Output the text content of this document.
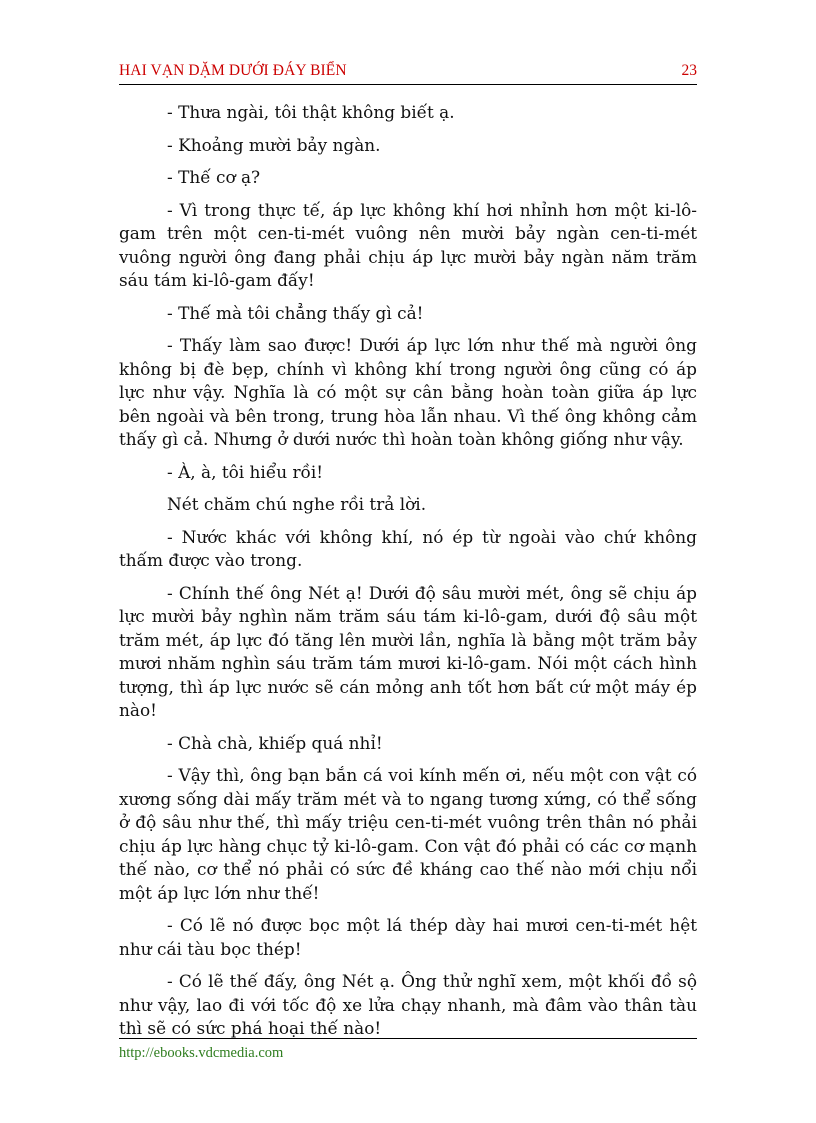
HAI VẠN DẶM DƯỚI ĐÁY BIỂN	23

- Thưa ngài, tôi thật không biết ạ.

- Khoảng mười bảy ngàn.

- Thế cơ ạ?

- Vì trong thực tế, áp lực không khí hơi nhỉnh hơn một ki-lô-gam trên một cen-ti-mét vuông nên mười bảy ngàn cen-ti-mét vuông người ông đang phải chịu áp lực mười bảy ngàn năm trăm sáu tám ki-lô-gam đấy!

- Thế mà tôi chẳng thấy gì cả!

- Thấy làm sao được! Dưới áp lực lớn như thế mà người ông không bị đè bẹp, chính vì không khí trong người ông cũng có áp lực như vậy. Nghĩa là có một sự cân bằng hoàn toàn giữa áp lực bên ngoài và bên trong, trung hòa lẫn nhau. Vì thế ông không cảm thấy gì cả. Nhưng ở dưới nước thì hoàn toàn không giống như vậy.

- À, à, tôi hiểu rồi!

Nét chăm chú nghe rồi trả lời.

- Nước khác với không khí, nó ép từ ngoài vào chứ không thấm được vào trong.

- Chính thế ông Nét ạ! Dưới độ sâu mười mét, ông sẽ chịu áp lực mười bảy nghìn năm trăm sáu tám ki-lô-gam, dưới độ sâu một trăm mét, áp lực đó tăng lên mười lần, nghĩa là bằng một trăm bảy mươi nhăm nghìn sáu trăm tám mươi ki-lô-gam. Nói một cách hình tượng, thì áp lực nước sẽ cán mỏng anh tốt hơn bất cứ một máy ép nào!

- Chà chà, khiếp quá nhỉ!

- Vậy thì, ông bạn bắn cá voi kính mến ơi, nếu một con vật có xương sống dài mấy trăm mét và to ngang tương xứng, có thể sống ở độ sâu như thế, thì mấy triệu cen-ti-mét vuông trên thân nó phải chịu áp lực hàng chục tỷ ki-lô-gam. Con vật đó phải có các cơ mạnh thế nào, cơ thể nó phải có sức đề kháng cao thế nào mới chịu nổi một áp lực lớn như thế!

- Có lẽ nó được bọc một lá thép dày hai mươi cen-ti-mét hệt như cái tàu bọc thép!

- Có lẽ thế đấy, ông Nét ạ. Ông thử nghĩ xem, một khối đồ sộ như vậy, lao đi với tốc độ xe lửa chạy nhanh, mà đâm vào thân tàu thì sẽ có sức phá hoại thế nào!

http://ebooks.vdcmedia.com
